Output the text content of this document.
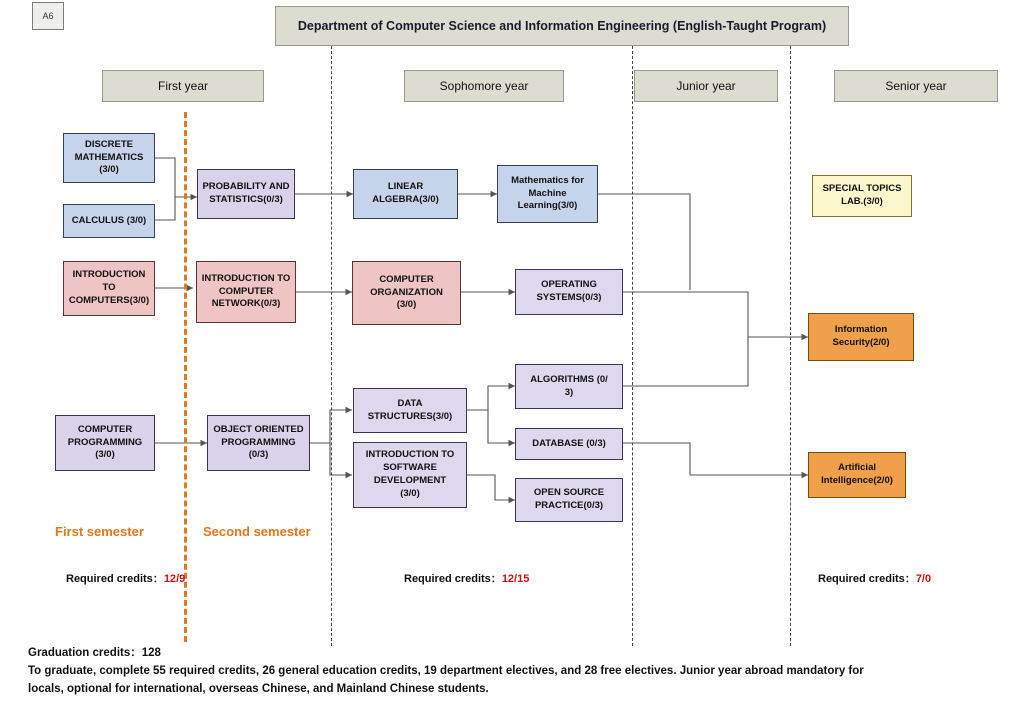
A6
Department of Computer Science and Information Engineering (English-Taught Program)
First year	Sophomore year	Junior year	Senior year
DISCRETE
MATHEMATICS
(3/0)
CALCULUS (3/0)
INTRODUCTION
TO
COMPUTERS(3/0)
COMPUTER
PROGRAMMING
(3/0)
PROBABILITY AND
STATISTICS(0/3)
INTRODUCTION TO
COMPUTER
NETWORK(0/3)
OBJECT ORIENTED
PROGRAMMING
(0/3)
LINEAR
ALGEBRA(3/0)
COMPUTER
ORGANIZATION
(3/0)
DATA
STRUCTURES(3/0)
INTRODUCTION TO
SOFTWARE
DEVELOPMENT
(3/0)
Mathematics for
Machine
Learning(3/0)
OPERATING
SYSTEMS(0/3)
ALGORITHMS (0/
3)
DATABASE (0/3)
OPEN SOURCE
PRACTICE(0/3)
SPECIAL TOPICS
LAB.(3/0)
Information
Security(2/0)
Artificial
Intelligence(2/0)
First semester	Second semester
Required credits：12/9	Required credits：12/15	Required credits：7/0
Graduation credits：128
To graduate, complete 55 required credits, 26 general education credits, 19 department electives, and 28 free electives. Junior year abroad mandatory for locals, optional for international, overseas Chinese, and Mainland Chinese students.
